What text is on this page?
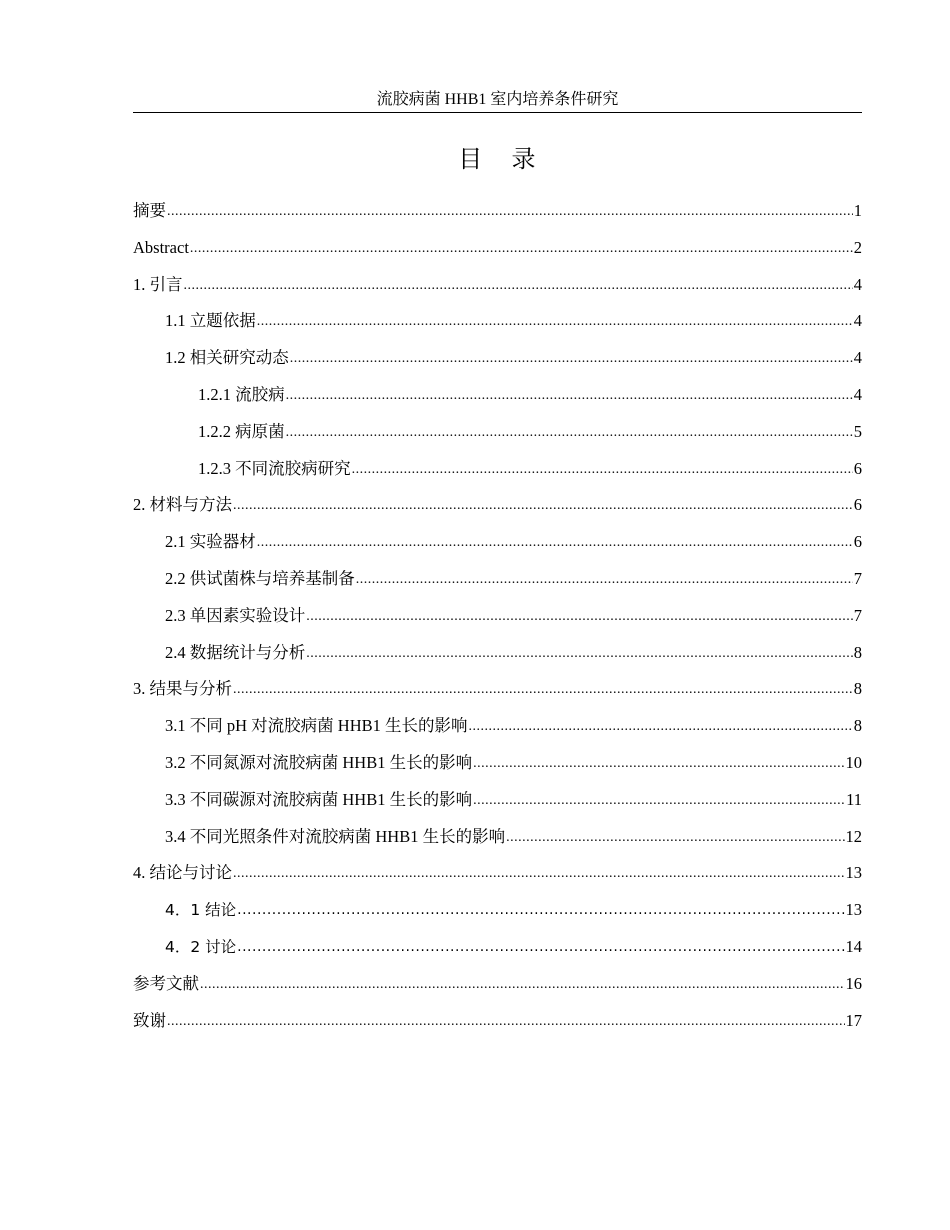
流胶病菌 HHB1 室内培养条件研究
目 录
摘要 .....	1
Abstract .....	2
1. 引言 .....	4
1.1 立题依据 .....	4
1.2 相关研究动态 .....	4
1.2.1 流胶病 .....	4
1.2.2 病原菌 .....	5
1.2.3 不同流胶病研究 .....	6
2. 材料与方法 .....	6
2.1 实验器材 .....	6
2.2 供试菌株与培养基制备 .....	7
2.3 单因素实验设计 .....	7
2.4 数据统计与分析 .....	8
3. 结果与分析 .....	8
3.1 不同 pH 对流胶病菌 HHB1 生长的影响 .....	8
3.2 不同氮源对流胶病菌 HHB1 生长的影响 .....	10
3.3 不同碳源对流胶病菌 HHB1 生长的影响 .....	11
3.4 不同光照条件对流胶病菌 HHB1 生长的影响 .....	12
4. 结论与讨论 .....	13
4．1 结论 .....	13
4．2 讨论 .....	14
参考文献 .....	16
致谢 .....	17
